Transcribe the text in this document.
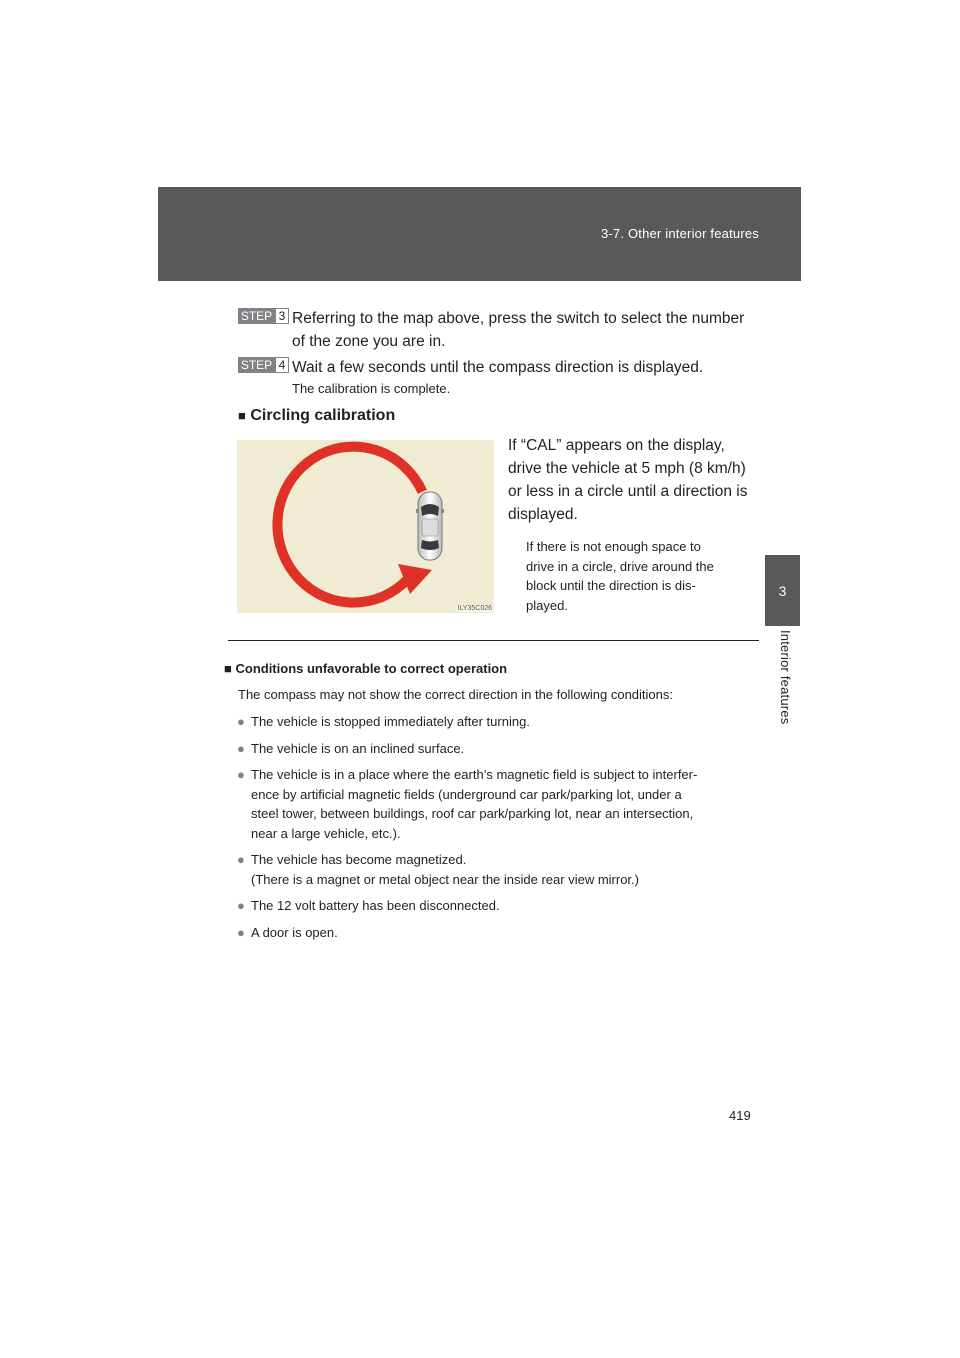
3-7. Other interior features
3
Interior features
STEP 3 Referring to the map above, press the switch to select the number
of the zone you are in.
STEP 4 Wait a few seconds until the compass direction is displayed.
The calibration is complete.
■ Circling calibration
ILY35C026
If “CAL” appears on the display,
drive the vehicle at 5 mph (8 km/h)
or less in a circle until a direction is
displayed.
If there is not enough space to
drive in a circle, drive around the
block until the direction is dis-
played.
■ Conditions unfavorable to correct operation
The compass may not show the correct direction in the following conditions:
● The vehicle is stopped immediately after turning.
● The vehicle is on an inclined surface.
● The vehicle is in a place where the earth’s magnetic field is subject to interfer-
ence by artificial magnetic fields (underground car park/parking lot, under a
steel tower, between buildings, roof car park/parking lot, near an intersection,
near a large vehicle, etc.).
● The vehicle has become magnetized.
(There is a magnet or metal object near the inside rear view mirror.)
● The 12 volt battery has been disconnected.
● A door is open.
419
